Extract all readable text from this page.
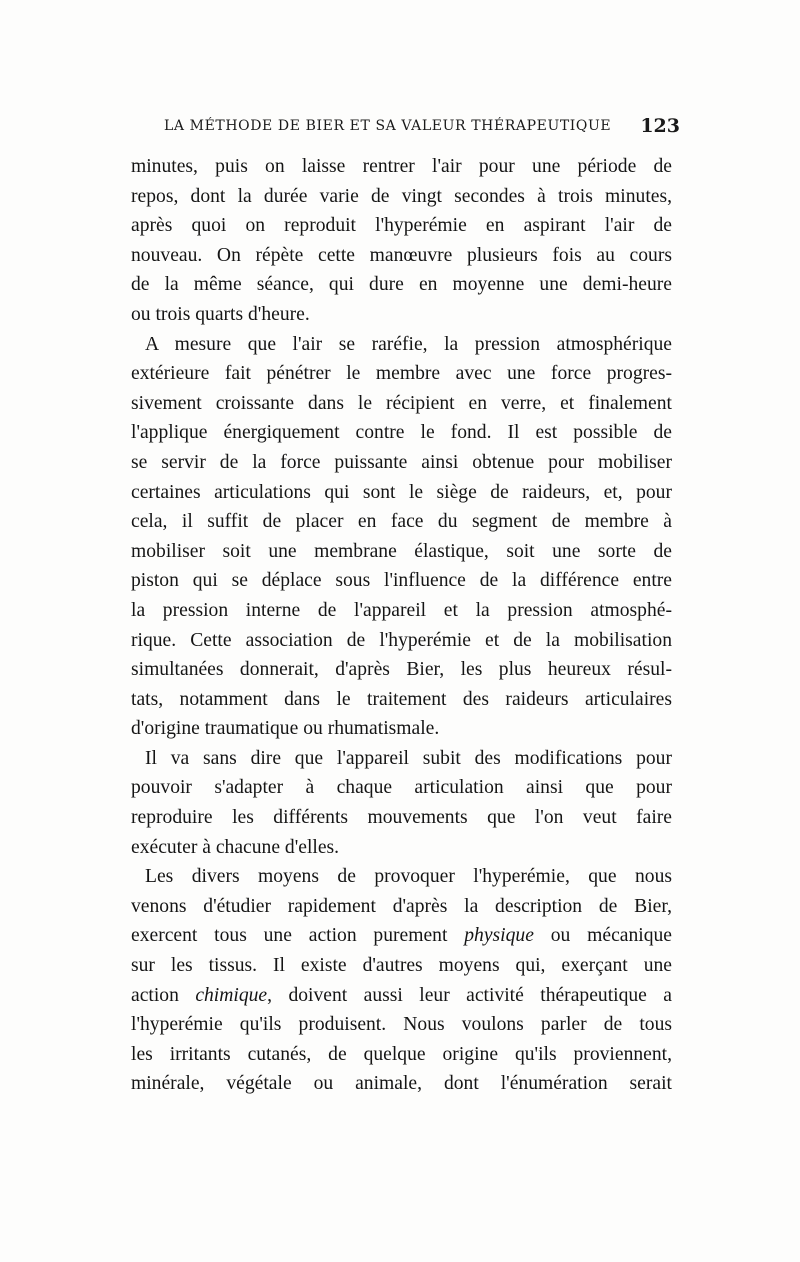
LA MÉTHODE DE BIER ET SA VALEUR THÉRAPEUTIQUE 123
minutes, puis on laisse rentrer l'air pour une période de
repos, dont la durée varie de vingt secondes à trois minutes,
après quoi on reproduit l'hyperémie en aspirant l'air de
nouveau. On répète cette manœuvre plusieurs fois au cours
de la même séance, qui dure en moyenne une demi-heure
ou trois quarts d'heure.
A mesure que l'air se raréfie, la pression atmosphérique
extérieure fait pénétrer le membre avec une force progres-
sivement croissante dans le récipient en verre, et finalement
l'applique énergiquement contre le fond. Il est possible de
se servir de la force puissante ainsi obtenue pour mobiliser
certaines articulations qui sont le siège de raideurs, et, pour
cela, il suffit de placer en face du segment de membre à
mobiliser soit une membrane élastique, soit une sorte de
piston qui se déplace sous l'influence de la différence entre
la pression interne de l'appareil et la pression atmosphé-
rique. Cette association de l'hyperémie et de la mobilisation
simultanées donnerait, d'après Bier, les plus heureux résul-
tats, notamment dans le traitement des raideurs articulaires
d'origine traumatique ou rhumatismale.
Il va sans dire que l'appareil subit des modifications pour
pouvoir s'adapter à chaque articulation ainsi que pour
reproduire les différents mouvements que l'on veut faire
exécuter à chacune d'elles.
Les divers moyens de provoquer l'hyperémie, que nous
venons d'étudier rapidement d'après la description de Bier,
exercent tous une action purement physique ou mécanique
sur les tissus. Il existe d'autres moyens qui, exerçant une
action chimique, doivent aussi leur activité thérapeutique a
l'hyperémie qu'ils produisent. Nous voulons parler de tous
les irritants cutanés, de quelque origine qu'ils proviennent,
minérale, végétale ou animale, dont l'énumération serait
